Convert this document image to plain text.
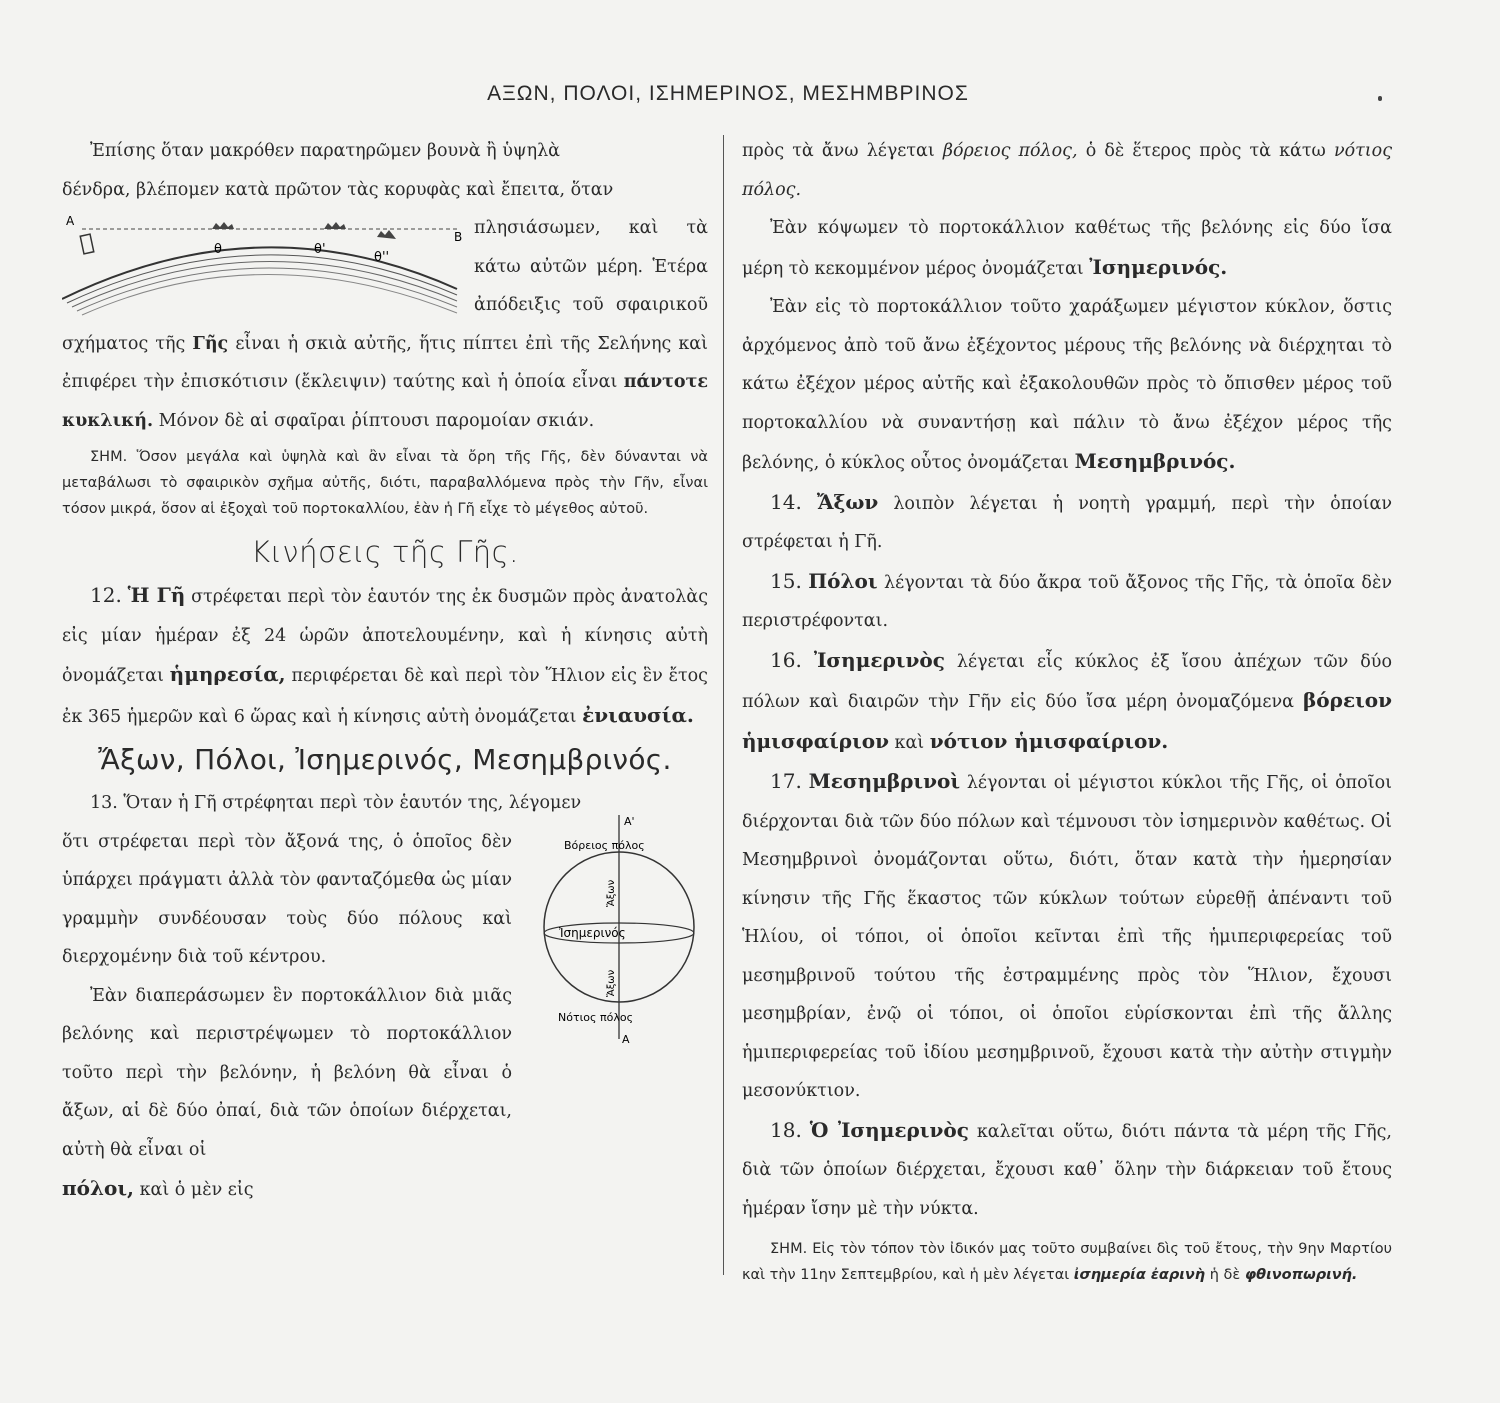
ΑΞΩΝ, ΠΟΛΟΙ, ΙΣΗΜΕΡΙΝΟΣ, ΜΕΣΗΜΒΡΙΝΟΣ

Ἐπίσης ὅταν μακρόθεν παρατηρῶμεν βουνὰ ἢ ὑψηλὰ

δένδρα, βλέπομεν κατὰ πρῶτον τὰς κορυφὰς καὶ ἔπειτα, ὅταν

A
B
θ	θ'
θ''

πλησιάσωμεν, καὶ τὰ κάτω αὐτῶν μέρη. Ἑτέρα ἀπόδειξις τοῦ σφαιρικοῦ σχήματος τῆς Γῆς εἶναι ἡ σκιὰ αὐτῆς, ἥτις πίπτει ἐπὶ τῆς Σελήνης καὶ ἐπιφέρει τὴν ἐπισκότισιν (ἔκλειψιν) ταύτης καὶ ἡ ὁποία εἶναι πάντοτε κυκλική. Μόνον δὲ αἱ σφαῖραι ῥίπτουσι παρομοίαν σκιάν.

ΣΗΜ. Ὅσον μεγάλα καὶ ὑψηλὰ καὶ ἂν εἶναι τὰ ὄρη τῆς Γῆς, δὲν δύνανται νὰ μεταβάλωσι τὸ σφαιρικὸν σχῆμα αὐτῆς, διότι, παραβαλλόμενα πρὸς τὴν Γῆν, εἶναι τόσον μικρά, ὅσον αἱ ἐξοχαὶ τοῦ πορτοκαλλίου, ἐὰν ἡ Γῆ εἶχε τὸ μέγεθος αὐτοῦ.

Κινήσεις τῆς Γῆς.

12. Ἡ Γῆ στρέφεται περὶ τὸν ἑαυτόν της ἐκ δυσμῶν πρὸς ἀνατολὰς εἰς μίαν ἡμέραν ἐξ 24 ὡρῶν ἀποτελουμένην, καὶ ἡ κίνησις αὐτὴ ὀνομάζεται ἡμηρεσία, περιφέρεται δὲ καὶ περὶ τὸν Ἥλιον εἰς ἓν ἔτος ἐκ 365 ἡμερῶν καὶ 6 ὥρας καὶ ἡ κίνησις αὐτὴ ὀνομάζεται ἐνιαυσία.

Ἄξων, Πόλοι, Ἰσημερινός, Μεσημβρινός.

13. Ὅταν ἡ Γῆ στρέφηται περὶ τὸν ἑαυτόν της, λέγομεν

A'
Βόρειος πόλος
Ἄξων
Ἰσημερινός
Ἄξων
Νότιος πόλος
A

ὅτι στρέφεται περὶ τὸν ἄξονά της, ὁ ὁποῖος δὲν ὑπάρχει πράγματι ἀλλὰ τὸν φανταζόμεθα ὡς μίαν γραμμὴν συνδέουσαν τοὺς δύο πόλους καὶ διερχομένην διὰ τοῦ κέντρου.

Ἐὰν διαπεράσωμεν ἓν πορτοκάλλιον διὰ μιᾶς βελόνης καὶ περιστρέψωμεν τὸ πορτοκάλλιον τοῦτο περὶ τὴν βελόνην, ἡ βελόνη θὰ εἶναι ὁ ἄξων, αἱ δὲ δύο ὀπαί, διὰ τῶν ὁποίων διέρχεται, αὐτὴ θὰ εἶναι οἱ

πόλοι, καὶ ὁ μὲν εἰς

πρὸς τὰ ἄνω λέγεται βόρειος πόλος, ὁ δὲ ἕτερος πρὸς τὰ κάτω νότιος πόλος.

Ἐὰν κόψωμεν τὸ πορτοκάλλιον καθέτως τῆς βελόνης εἰς δύο ἴσα μέρη τὸ κεκομμένον μέρος ὀνομάζεται Ἰσημερινός.

Ἐὰν εἰς τὸ πορτοκάλλιον τοῦτο χαράξωμεν μέγιστον κύκλον, ὅστις ἀρχόμενος ἀπὸ τοῦ ἄνω ἐξέχοντος μέρους τῆς βελόνης νὰ διέρχηται τὸ κάτω ἐξέχον μέρος αὐτῆς καὶ ἐξακολουθῶν πρὸς τὸ ὄπισθεν μέρος τοῦ πορτοκαλλίου νὰ συναντήσῃ καὶ πάλιν τὸ ἄνω ἐξέχον μέρος τῆς βελόνης, ὁ κύκλος οὗτος ὀνομάζεται Μεσημβρινός.

14. Ἄξων λοιπὸν λέγεται ἡ νοητὴ γραμμή, περὶ τὴν ὁποίαν στρέφεται ἡ Γῆ.

15. Πόλοι λέγονται τὰ δύο ἄκρα τοῦ ἄξονος τῆς Γῆς, τὰ ὁποῖα δὲν περιστρέφονται.

16. Ἰσημερινὸς λέγεται εἷς κύκλος ἐξ ἴσου ἀπέχων τῶν δύο πόλων καὶ διαιρῶν τὴν Γῆν εἰς δύο ἴσα μέρη ὀνομαζόμενα βόρειον ἡμισφαίριον καὶ νότιον ἡμισφαίριον.

17. Μεσημβρινοὶ λέγονται οἱ μέγιστοι κύκλοι τῆς Γῆς, οἱ ὁποῖοι διέρχονται διὰ τῶν δύο πόλων καὶ τέμνουσι τὸν ἰσημερινὸν καθέτως. Οἱ Μεσημβρινοὶ ὀνομάζονται οὕτω, διότι, ὅταν κατὰ τὴν ἡμερησίαν κίνησιν τῆς Γῆς ἕκαστος τῶν κύκλων τούτων εὑρεθῇ ἀπέναντι τοῦ Ἡλίου, οἱ τόποι, οἱ ὁποῖοι κεῖνται ἐπὶ τῆς ἡμιπεριφερείας τοῦ μεσημβρινοῦ τούτου τῆς ἐστραμμένης πρὸς τὸν Ἥλιον, ἔχουσι μεσημβρίαν, ἐνῷ οἱ τόποι, οἱ ὁποῖοι εὑρίσκονται ἐπὶ τῆς ἄλλης ἡμιπεριφερείας τοῦ ἰδίου μεσημβρινοῦ, ἔχουσι κατὰ τὴν αὐτὴν στιγμὴν μεσονύκτιον.

18. Ὁ Ἰσημερινὸς καλεῖται οὕτω, διότι πάντα τὰ μέρη τῆς Γῆς, διὰ τῶν ὁποίων διέρχεται, ἔχουσι καθ᾽ ὅλην τὴν διάρκειαν τοῦ ἔτους ἡμέραν ἴσην μὲ τὴν νύκτα.

ΣΗΜ. Εἰς τὸν τόπον τὸν ἰδικόν μας τοῦτο συμβαίνει δὶς τοῦ ἔτους, τὴν 9ην Μαρτίου καὶ τὴν 11ην Σεπτεμβρίου, καὶ ἡ μὲν λέγεται ἰσημερία ἐαρινὴ ἡ δὲ φθινοπωρινή.
